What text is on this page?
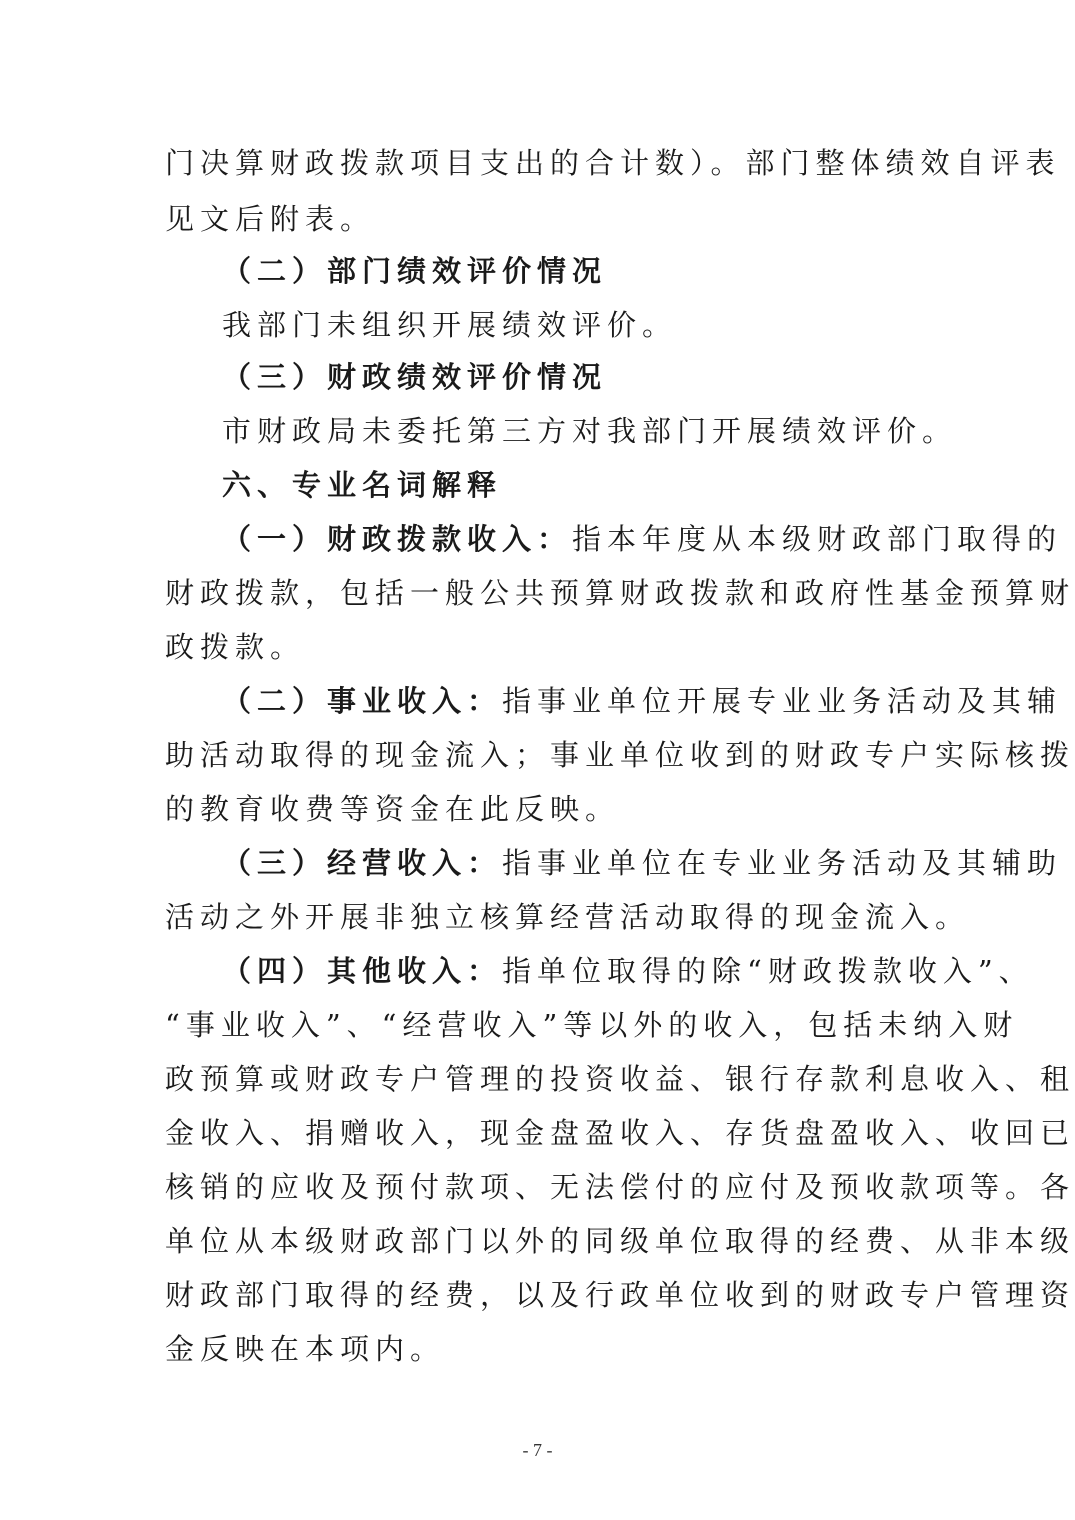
门决算财政拨款项目支出的合计数）。部门整体绩效自评表
见文后附表。
（二）部门绩效评价情况
我部门未组织开展绩效评价。
（三）财政绩效评价情况
市财政局未委托第三方对我部门开展绩效评价。
六、专业名词解释
（一）财政拨款收入：指本年度从本级财政部门取得的
财政拨款，包括一般公共预算财政拨款和政府性基金预算财
政拨款。
（二）事业收入：指事业单位开展专业业务活动及其辅
助活动取得的现金流入；事业单位收到的财政专户实际核拨
的教育收费等资金在此反映。
（三）经营收入：指事业单位在专业业务活动及其辅助
活动之外开展非独立核算经营活动取得的现金流入。
（四）其他收入：指单位取得的除“财政拨款收入”、
“事业收入”、“经营收入”等以外的收入，包括未纳入财
政预算或财政专户管理的投资收益、银行存款利息收入、租
金收入、捐赠收入，现金盘盈收入、存货盘盈收入、收回已
核销的应收及预付款项、无法偿付的应付及预收款项等。各
单位从本级财政部门以外的同级单位取得的经费、从非本级
财政部门取得的经费，以及行政单位收到的财政专户管理资
金反映在本项内。
- 7 -
